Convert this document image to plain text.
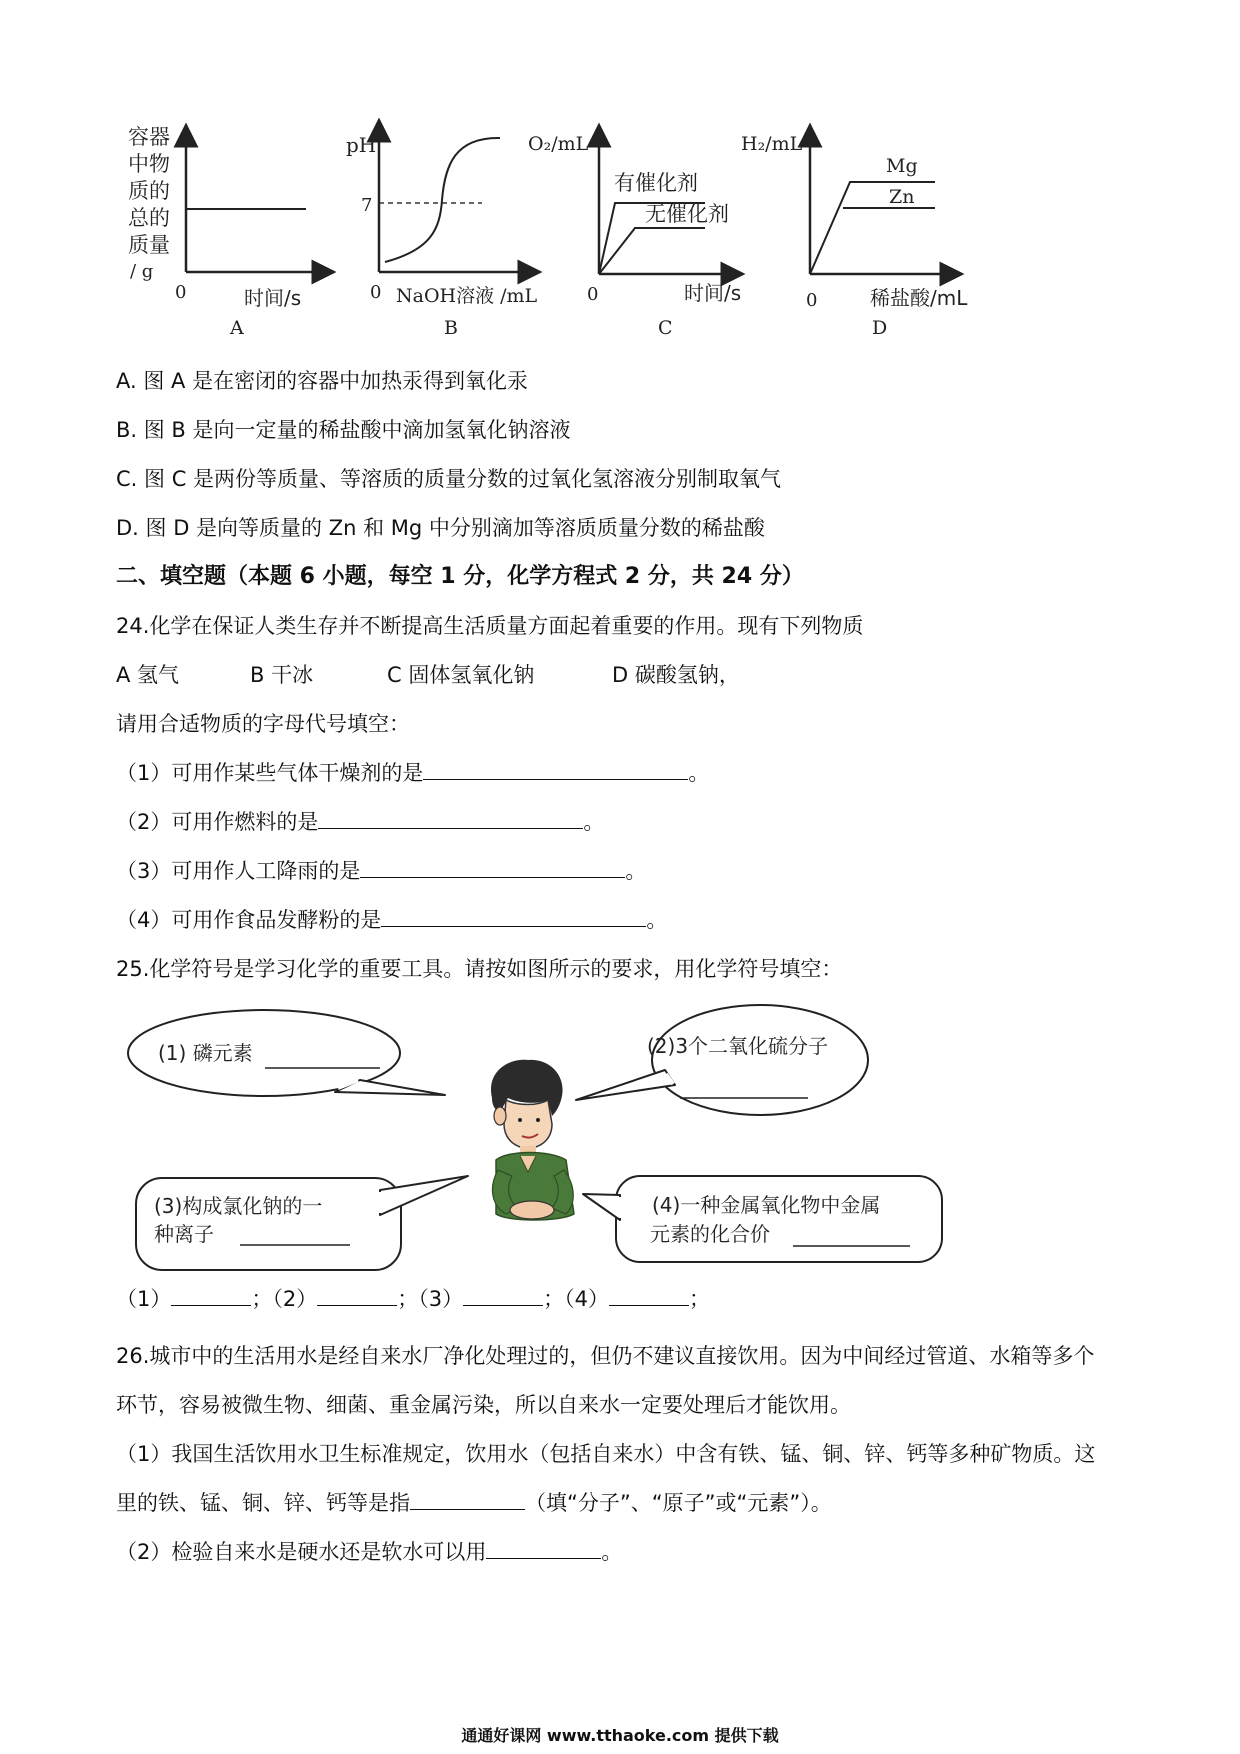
容器
中物
质的
总的
质量
/ g
0	时间/s
A
pH
7
0 NaOH溶液 /mL
B
O₂/mL
有催化剂
无催化剂
0	时间/s
C
H₂/mL
Mg
Zn
0	稀盐酸/mL
D
A. 图 A 是在密闭的容器中加热汞得到氧化汞
B. 图 B 是向一定量的稀盐酸中滴加氢氧化钠溶液
C. 图 C 是两份等质量、等溶质的质量分数的过氧化氢溶液分别制取氧气
D. 图 D 是向等质量的 Zn 和 Mg 中分别滴加等溶质质量分数的稀盐酸
二、填空题（本题 6 小题，每空 1 分，化学方程式 2 分，共 24 分）
24.化学在保证人类生存并不断提高生活质量方面起着重要的作用。现有下列物质
A 氢气	B 干冰	C 固体氢氧化钠	D 碳酸氢钠，
请用合适物质的字母代号填空：
（1）可用作某些气体干燥剂的是	。
（2）可用作燃料的是	。
（3）可用作人工降雨的是	。
（4）可用作食品发酵粉的是	。
25.化学符号是学习化学的重要工具。请按如图所示的要求，用化学符号填空：
(1) 磷元素	(2)3个二氧化硫分子
(3)构成氯化钠的一
种离子
(4)一种金属氧化物中金属
元素的化合价
（1）	；（2）	；（3）	；（4）	；
26.城市中的生活用水是经自来水厂净化处理过的，但仍不建议直接饮用。因为中间经过管道、水箱等多个
环节，容易被微生物、细菌、重金属污染，所以自来水一定要处理后才能饮用。
（1）我国生活饮用水卫生标准规定，饮用水（包括自来水）中含有铁、锰、铜、锌、钙等多种矿物质。这
里的铁、锰、铜、锌、钙等是指	（填“分子”、“原子”或“元素”）。
（2）检验自来水是硬水还是软水可以用	。
通通好课网 www.tthaoke.com 提供下载
